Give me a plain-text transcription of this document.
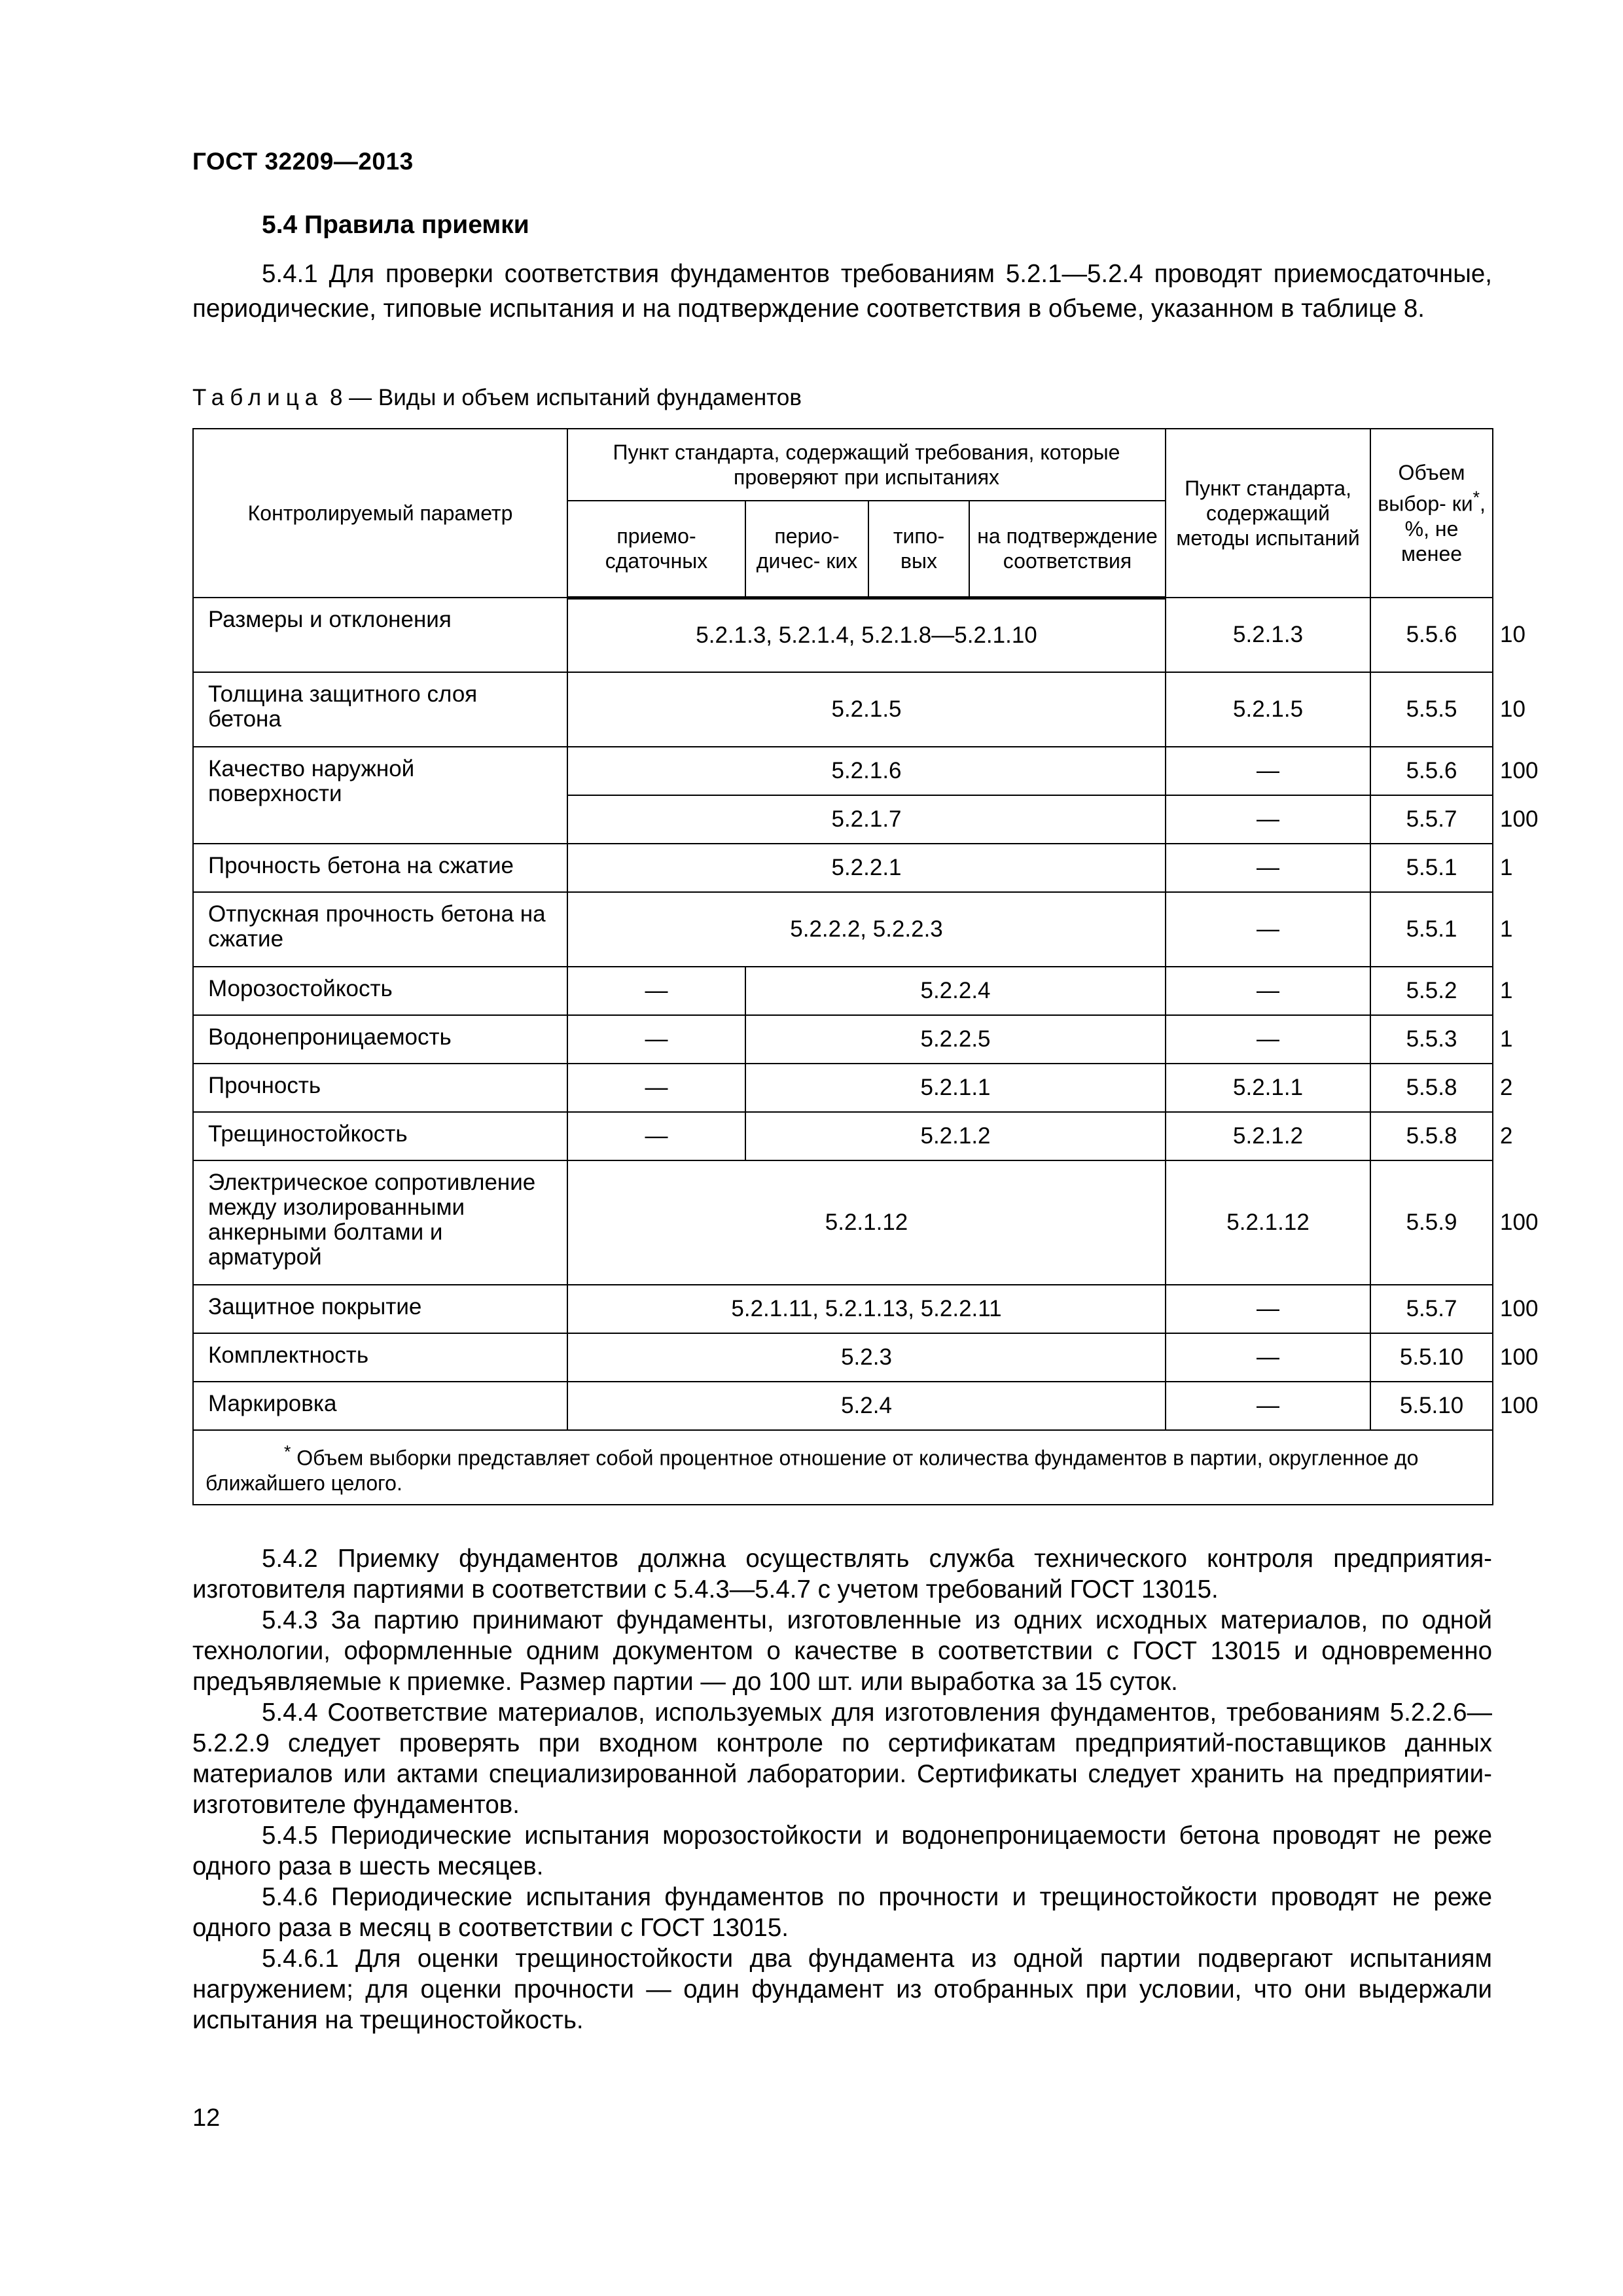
ГОСТ 32209—2013
5.4 Правила приемки
5.4.1 Для проверки соответствия фундаментов требованиям 5.2.1—5.2.4 проводят приемосдаточные, периодические, типовые испытания и на подтверждение соответствия в объеме, указанном в таблице 8.
Таблица 8 — Виды и объем испытаний фундаментов
Контролируемый параметр	Пункт стандарта, содержащий требования, которые проверяют при испытаниях				Пункт стандарта, содержащий методы испытаний	Объем выбор- ки*, %, не менее	
	приемо- сдаточных	перио- дичес- ких	типо- вых	на подтверждение соответствия			
Размеры и отклонения	5.2.1.3, 5.2.1.4, 5.2.1.8—5.2.1.10				5.2.1.3	5.5.6	10
Толщина защитного слоя бетона	5.2.1.5				5.2.1.5	5.5.5	10
Качество наружной поверхности	5.2.1.6				—	5.5.6	100
	5.2.1.7				—	5.5.7	100
Прочность бетона на сжатие	5.2.2.1				—	5.5.1	1
Отпускная прочность бетона на сжатие	5.2.2.2, 5.2.2.3				—	5.5.1	1
Морозостойкость	—	5.2.2.4			—	5.5.2	1
Водонепроницаемость	—	5.2.2.5			—	5.5.3	1
Прочность	—	5.2.1.1			5.2.1.1	5.5.8	2
Трещиностойкость	—	5.2.1.2			5.2.1.2	5.5.8	2
Электрическое сопротивление между изолированными анкерными болтами и арматурой	5.2.1.12				5.2.1.12	5.5.9	100
Защитное покрытие	5.2.1.11, 5.2.1.13, 5.2.2.11				—	5.5.7	100
Комплектность	5.2.3				—	5.5.10	100
Маркировка	5.2.4				—	5.5.10	100
* Объем выборки представляет собой процентное отношение от количества фундаментов в партии, округленное до ближайшего целого.							

5.4.2 Приемку фундаментов должна осуществлять служба технического контроля предприятия-изготовителя партиями в соответствии с 5.4.3—5.4.7 с учетом требований ГОСТ 13015.

5.4.3 За партию принимают фундаменты, изготовленные из одних исходных материалов, по одной технологии, оформленные одним документом о качестве в соответствии с ГОСТ 13015 и одновременно предъявляемые к приемке. Размер партии — до 100 шт. или выработка за 15 суток.

5.4.4 Соответствие материалов, используемых для изготовления фундаментов, требованиям 5.2.2.6—5.2.2.9 следует проверять при входном контроле по сертификатам предприятий-поставщиков данных материалов или актами специализированной лаборатории. Сертификаты следует хранить на предприятии-изготовителе фундаментов.

5.4.5 Периодические испытания морозостойкости и водонепроницаемости бетона проводят не реже одного раза в шесть месяцев.

5.4.6 Периодические испытания фундаментов по прочности и трещиностойкости проводят не реже одного раза в месяц в соответствии с ГОСТ 13015.

5.4.6.1 Для оценки трещиностойкости два фундамента из одной партии подвергают испытаниям нагружением; для оценки прочности — один фундамент из отобранных при условии, что они выдержали испытания на трещиностойкость.

12
